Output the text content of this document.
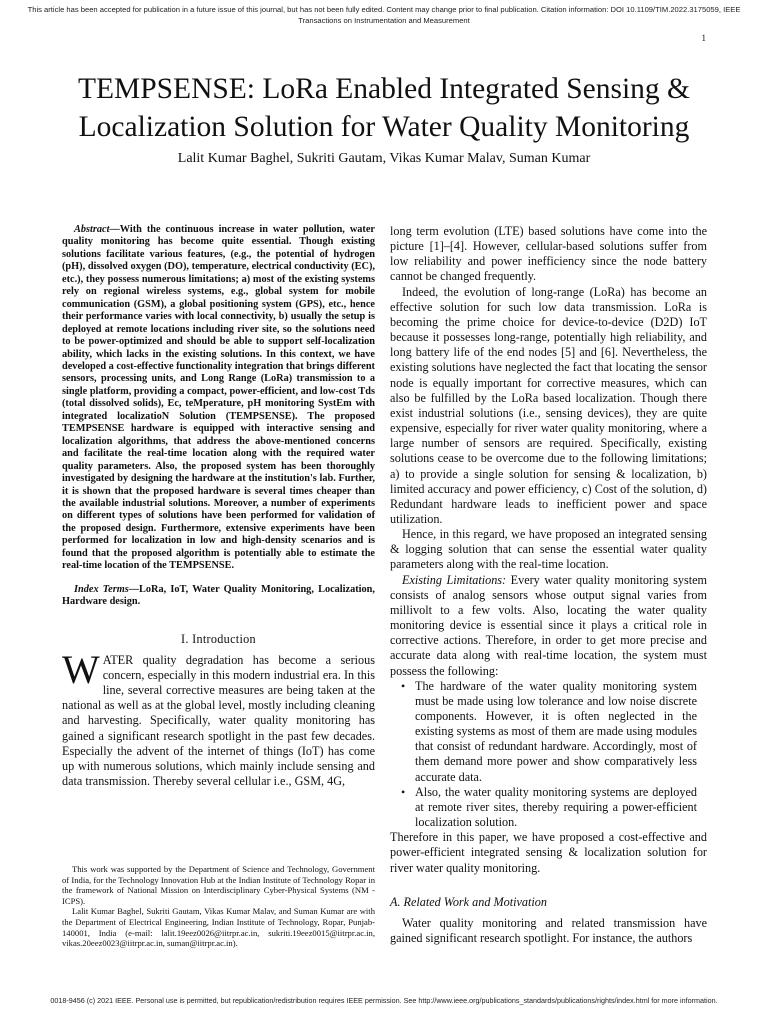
This article has been accepted for publication in a future issue of this journal, but has not been fully edited. Content may change prior to final publication. Citation information: DOI 10.1109/TIM.2022.3175059, IEEE
Transactions on Instrumentation and Measurement
1
TEMPSENSE: LoRa Enabled Integrated Sensing &
Localization Solution for Water Quality Monitoring
Lalit Kumar Baghel, Sukriti Gautam, Vikas Kumar Malav, Suman Kumar

Abstract—With the continuous increase in water pollution, water quality monitoring has become quite essential. Though existing solutions facilitate various features, (e.g., the potential of hydrogen (pH), dissolved oxygen (DO), temperature, electrical conductivity (EC), etc.), they possess numerous limitations; a) most of the existing systems rely on regional wireless systems, e.g., global system for mobile communication (GSM), a global positioning system (GPS), etc., hence their performance varies with local connectivity, b) usually the setup is deployed at remote locations including river site, so the solutions need to be power-optimized and should be able to support self-localization ability, which lacks in the existing solutions. In this context, we have developed a cost-effective functionality integration that brings different sensors, processing units, and Long Range (LoRa) transmission to a single platform, providing a compact, power-efficient, and low-cost Tds (total dissolved solids), Ec, teMperature, pH monitoring SystEm with integrated localizatioN Solution (TEMPSENSE). The proposed TEMPSENSE hardware is equipped with interactive sensing and localization algorithms, that address the above-mentioned concerns and facilitate the real-time location along with the required water quality parameters. Also, the proposed system has been thoroughly investigated by designing the hardware at the institution's lab. Further, it is shown that the proposed hardware is several times cheaper than the available industrial solutions. Moreover, a number of experiments on different types of solutions have been performed for validation of the proposed design. Furthermore, extensive experiments have been performed for localization in low and high-density scenarios and is found that the proposed algorithm is potentially able to estimate the real-time location of the TEMPSENSE.

Index Terms—LoRa, IoT, Water Quality Monitoring, Localization, Hardware design.

I. Introduction

WATER quality degradation has become a serious concern, especially in this modern industrial era. In this line, several corrective measures are being taken at the national as well as at the global level, mostly including cleaning and harvesting. Specifically, water quality monitoring has gained a significant research spotlight in the past few decades. Especially the advent of the internet of things (IoT) has come up with numerous solutions, which mainly include sensing and data transmission. Thereby several cellular i.e., GSM, 4G,

This work was supported by the Department of Science and Technology, Government of India, for the Technology Innovation Hub at the Indian Institute of Technology Ropar in the framework of National Mission on Interdisciplinary Cyber-Physical Systems (NM - ICPS).

Lalit Kumar Baghel, Sukriti Gautam, Vikas Kumar Malav, and Suman Kumar are with the Department of Electrical Engineering, Indian Institute of Technology, Ropar, Punjab-140001, India (e-mail: lalit.19eez0026@iitrpr.ac.in, sukriti.19eez0015@iitrpr.ac.in, vikas.20eez0023@iitrpr.ac.in, suman@iitrpr.ac.in).

long term evolution (LTE) based solutions have come into the picture [1]–[4]. However, cellular-based solutions suffer from low reliability and power inefficiency since the node battery cannot be changed frequently.

Indeed, the evolution of long-range (LoRa) has become an effective solution for such low data transmission. LoRa is becoming the prime choice for device-to-device (D2D) IoT because it possesses long-range, potentially high reliability, and long battery life of the end nodes [5] and [6]. Nevertheless, the existing solutions have neglected the fact that locating the sensor node is equally important for corrective measures, which can also be fulfilled by the LoRa based localization. Though there exist industrial solutions (i.e., sensing devices), they are quite expensive, especially for river water quality monitoring, where a large number of sensors are required. Specifically, existing solutions cease to be overcome due to the following limitations; a) to provide a single solution for sensing & localization, b) limited accuracy and power efficiency, c) Cost of the solution, d) Redundant hardware leads to inefficient power and space utilization.

Hence, in this regard, we have proposed an integrated sensing & logging solution that can sense the essential water quality parameters along with the real-time location.

Existing Limitations: Every water quality monitoring system consists of analog sensors whose output signal varies from millivolt to a few volts. Also, locating the water quality monitoring device is essential since it plays a critical role in corrective actions. Therefore, in order to get more precise and accurate data along with real-time location, the system must possess the following:

• The hardware of the water quality monitoring system must be made using low tolerance and low noise discrete components. However, it is often neglected in the existing systems as most of them are made using modules that consist of redundant hardware. Accordingly, most of them demand more power and show comparatively less accurate data.
• Also, the water quality monitoring systems are deployed at remote river sites, thereby requiring a power-efficient localization solution.

Therefore in this paper, we have proposed a cost-effective and power-efficient integrated sensing & localization solution for river water quality monitoring.

A. Related Work and Motivation

Water quality monitoring and related transmission have gained significant research spotlight. For instance, the authors

0018-9456 (c) 2021 IEEE. Personal use is permitted, but republication/redistribution requires IEEE permission. See http://www.ieee.org/publications_standards/publications/rights/index.html for more information.
